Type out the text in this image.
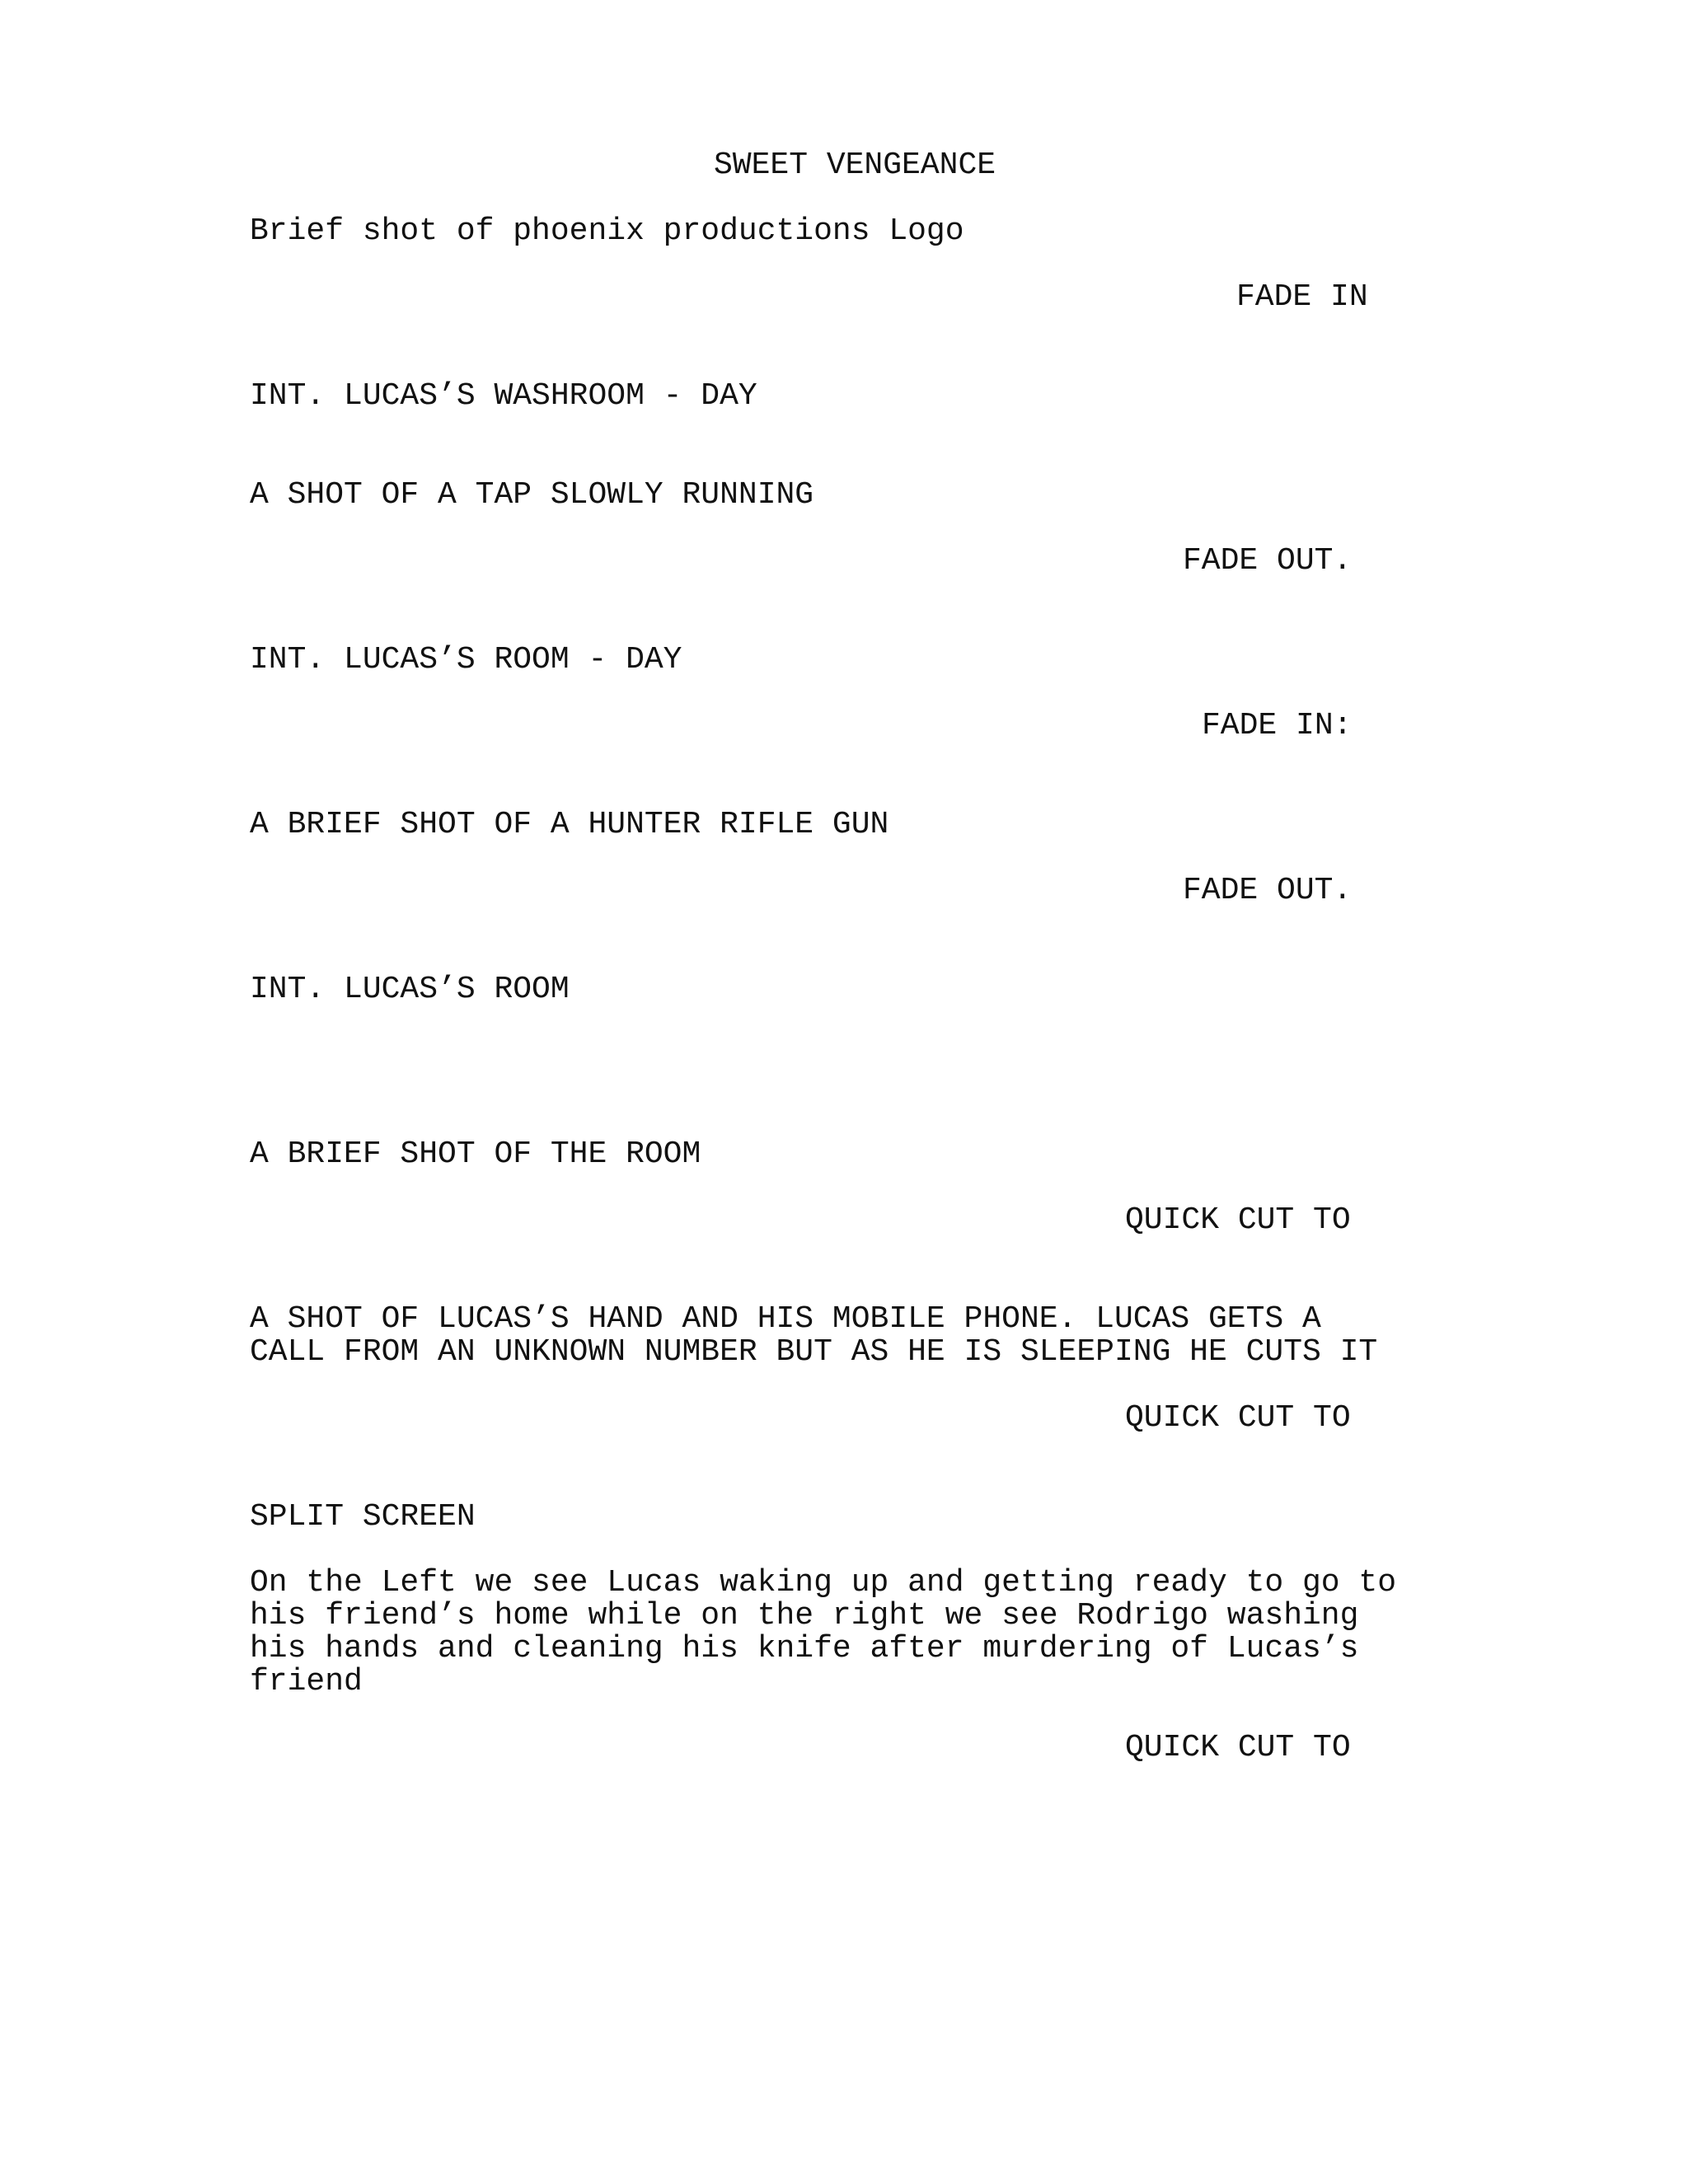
SWEET VENGEANCE
Brief shot of phoenix productions Logo
FADE IN
INT. LUCAS’S WASHROOM - DAY
A SHOT OF A TAP SLOWLY RUNNING
FADE OUT.
INT. LUCAS’S ROOM - DAY
FADE IN:
A BRIEF SHOT OF A HUNTER RIFLE GUN
FADE OUT.
INT. LUCAS’S ROOM
A BRIEF SHOT OF THE ROOM
QUICK CUT TO
A SHOT OF LUCAS’S HAND AND HIS MOBILE PHONE. LUCAS GETS A
CALL FROM AN UNKNOWN NUMBER BUT AS HE IS SLEEPING HE CUTS IT
QUICK CUT TO
SPLIT SCREEN
On the Left we see Lucas waking up and getting ready to go to
his friend’s home while on the right we see Rodrigo washing
his hands and cleaning his knife after murdering of Lucas’s
friend
QUICK CUT TO
